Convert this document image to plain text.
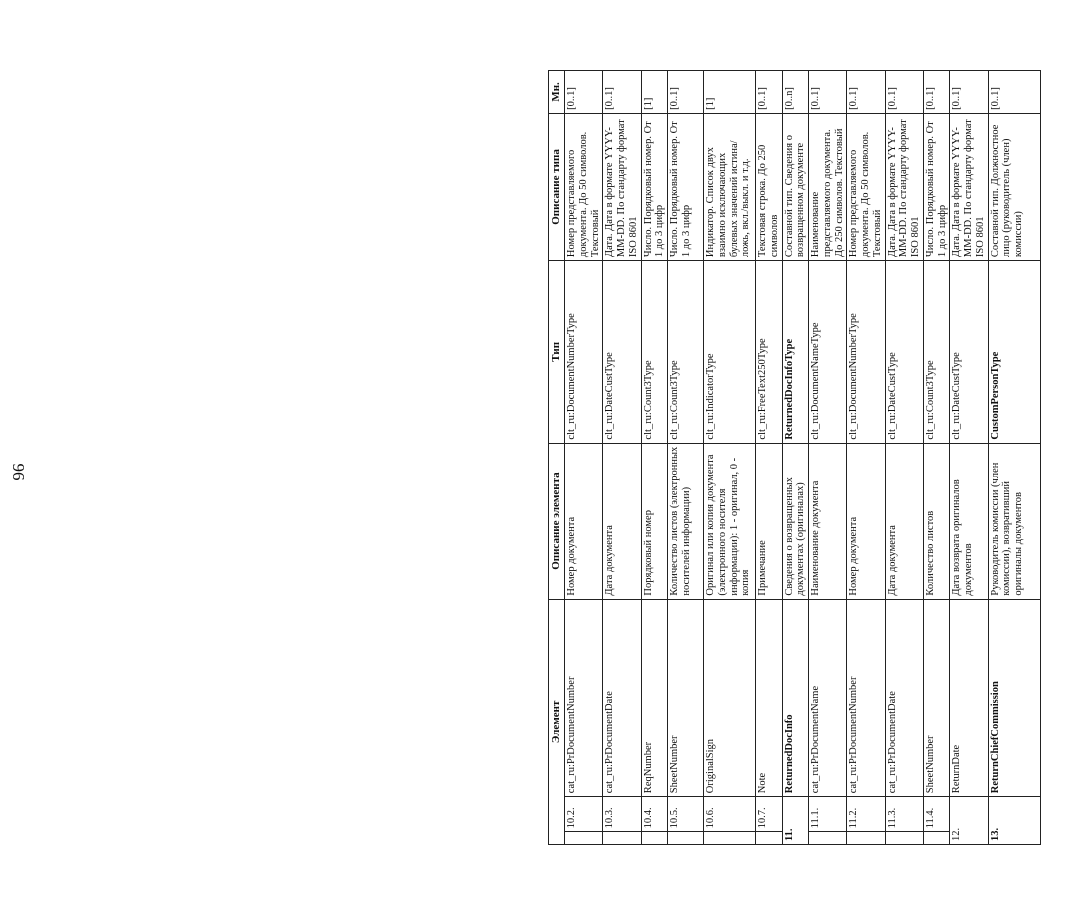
96
Элемент			Описание элемента	Тип	Описание типа	Мн.
	10.2.	cat_ru:PrDocumentNumber	Номер документа	clt_ru:DocumentNumberType	Номер представляемого документа. До 50 символов. Текстовый	[0..1]
	10.3.	cat_ru:PrDocumentDate	Дата документа	clt_ru:DateCustType	Дата. Дата в формате YYYY-MM-DD. По стандарту формат ISO 8601	[0..1]
	10.4.	ReqNumber	Порядковый номер	clt_ru:Count3Type	Число. Порядковый номер. От 1 до 3 цифр	[1]
	10.5.	SheetNumber	Количество листов (электронных носителей информации)	clt_ru:Count3Type	Число. Порядковый номер. От 1 до 3 цифр	[0..1]
	10.6.	OriginalSign	Оригинал или копия документа (электронного носителя информации): 1 - оригинал, 0 - копия	clt_ru:IndicatorType	Индикатор. Список двух взаимно исключающих булевых значений истина/ложь, вкл./выкл. и т.д.	[1]
	10.7.	Note	Примечание	clt_ru:FreeText250Type	Текстовая строка. До 250 символов	[0..1]
11.		ReturnedDocInfo	Сведения о возвращенных документах (оригиналах)	ReturnedDocInfoType	Составной тип. Сведения о возвращенном документе	[0..n]
	11.1.	cat_ru:PrDocumentName	Наименование документа	clt_ru:DocumentNameType	Наименование представляемого документа. До 250 символов. Текстовый	[0..1]
	11.2.	cat_ru:PrDocumentNumber	Номер документа	clt_ru:DocumentNumberType	Номер представляемого документа. До 50 символов. Текстовый	[0..1]
	11.3.	cat_ru:PrDocumentDate	Дата документа	clt_ru:DateCustType	Дата. Дата в формате YYYY-MM-DD. По стандарту формат ISO 8601	[0..1]
	11.4.	SheetNumber	Количество листов	clt_ru:Count3Type	Число. Порядковый номер. От 1 до 3 цифр	[0..1]
12.		ReturnDate	Дата возврата оригиналов документов	clt_ru:DateCustType	Дата. Дата в формате YYYY-MM-DD. По стандарту формат ISO 8601	[0..1]
13.		ReturnChiefCommission	Руководитель комиссии (член комиссии), возвративший оригиналы документов	CustomPersonType	Составной тип. Должностное лицо (руководитель (член) комиссии)	[0..1]
